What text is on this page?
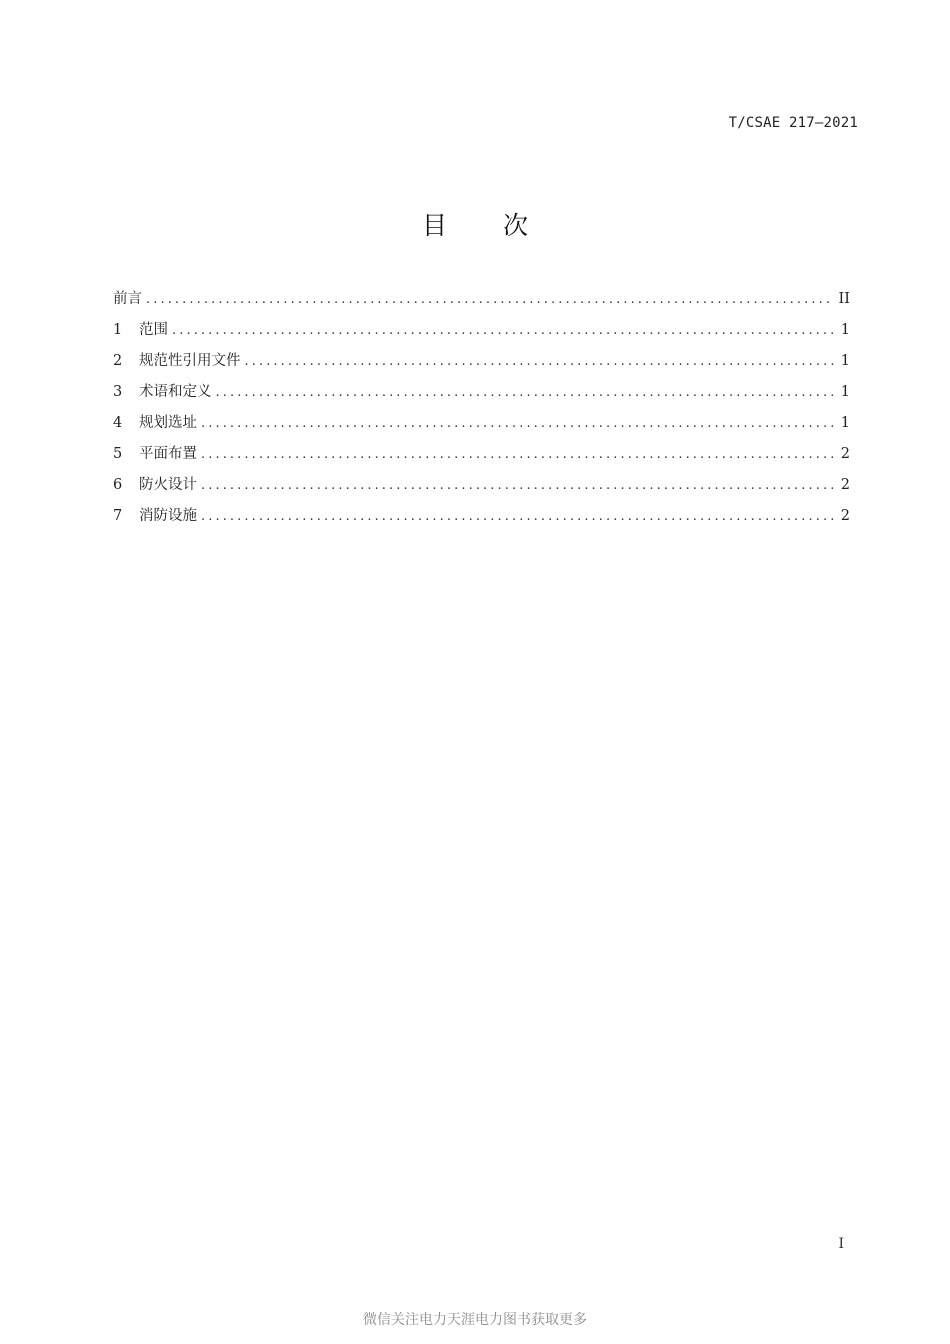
T/CSAE 217—2021
目 次
前言 .....	II
1	范围 .....	1
2	规范性引用文件 .....	1
3	术语和定义 .....	1
4	规划选址 .....	1
5	平面布置 .....	2
6	防火设计 .....	2
7	消防设施 .....	2
I
微信关注电力天涯电力图书获取更多
